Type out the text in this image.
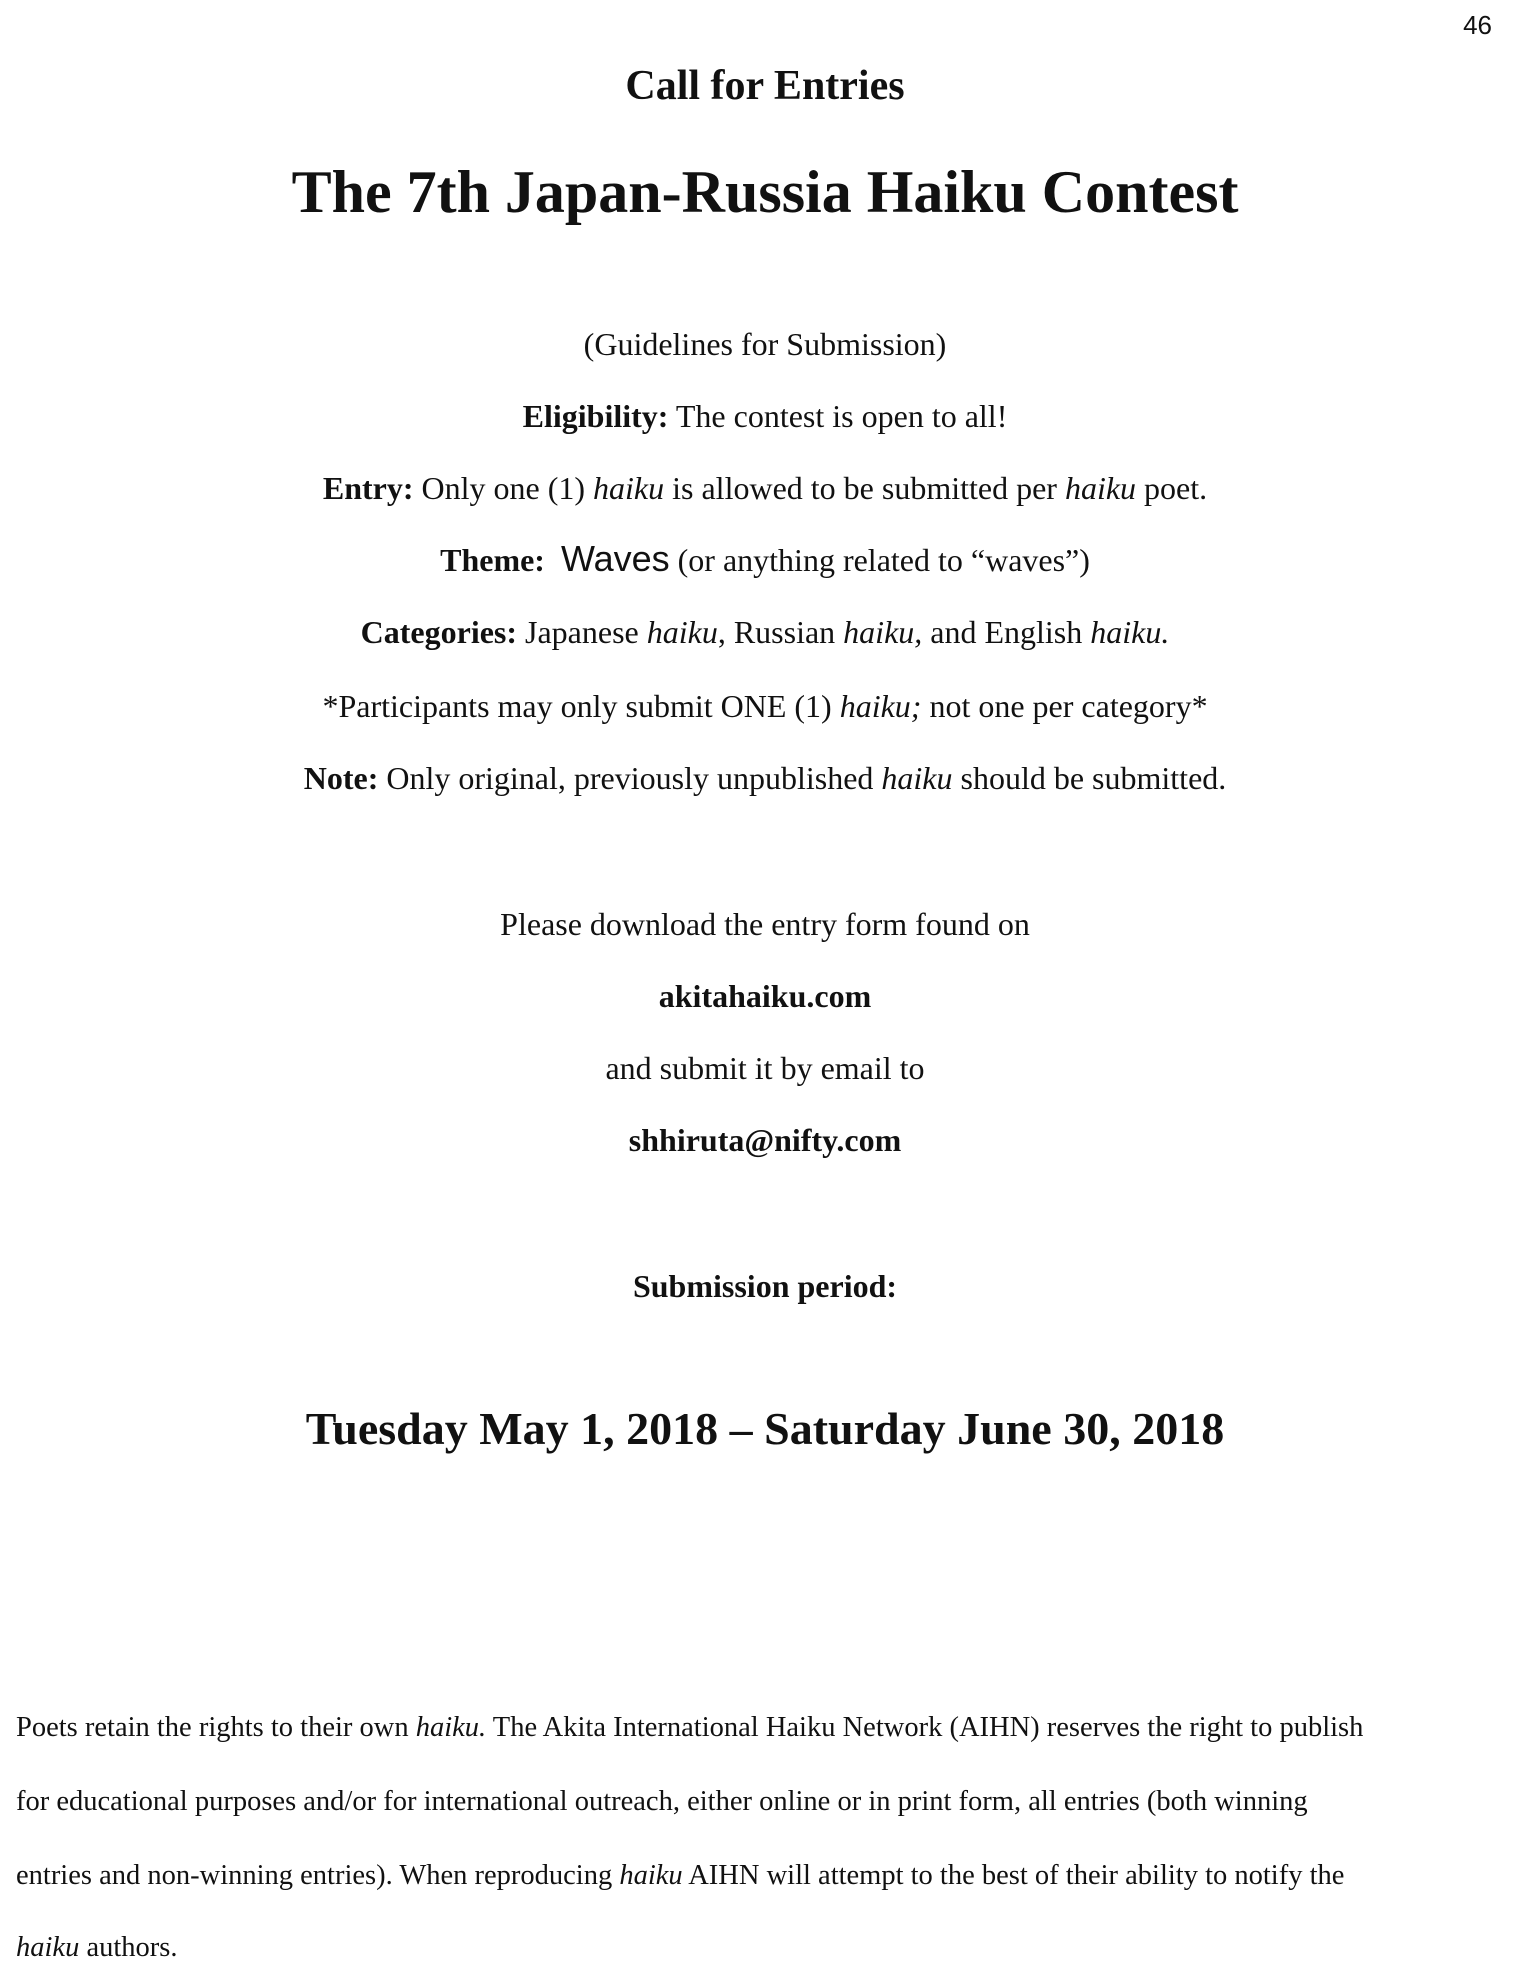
46
Call for Entries
The 7th Japan-Russia Haiku Contest
(Guidelines for Submission)
Eligibility: The contest is open to all!
Entry: Only one (1) haiku is allowed to be submitted per haiku poet.
Theme: Waves (or anything related to “waves”)
Categories: Japanese haiku, Russian haiku, and English haiku.
*Participants may only submit ONE (1) haiku; not one per category*
Note: Only original, previously unpublished haiku should be submitted.
Please download the entry form found on
akitahaiku.com
and submit it by email to
shhiruta@nifty.com
Submission period:
Tuesday May 1, 2018 – Saturday June 30, 2018
Poets retain the rights to their own haiku. The Akita International Haiku Network (AIHN) reserves the right to publish
for educational purposes and/or for international outreach, either online or in print form, all entries (both winning
entries and non-winning entries). When reproducing haiku AIHN will attempt to the best of their ability to notify the
haiku authors.
